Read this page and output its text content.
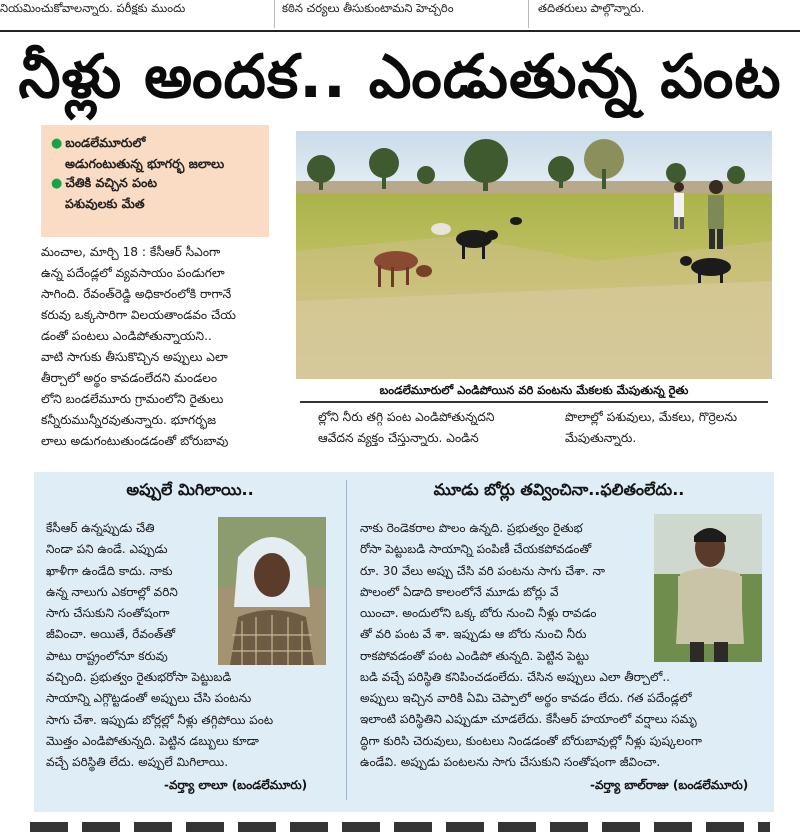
నియమించుకోవాలన్నారు. పరీక్షకు ముందు	కఠిన చర్యలు తీసుకుంటామని హెచ్చరిం	తదితరులు పాల్గొన్నారు.
నీళ్లు అందక.. ఎండుతున్న పంట
● బండలేమూరులో
అడుగంటుతున్న భూగర్భ జలాలు
● చేతికి వచ్చిన పంట
పశువులకు మేత
మంచాల, మార్చి 18 : కేసీఆర్ సీఎంగా
ఉన్న పదేండ్లలో వ్యవసాయం పండుగలా
సాగింది. రేవంత్‌రెడ్డి అధికారంలోకి రాగానే
కరువు ఒక్కసారిగా విలయతాండవం చేయ
డంతో పంటలు ఎండిపోతున్నాయని..
వాటి సాగుకు తీసుకొచ్చిన అప్పులు ఎలా
తీర్చాలో అర్థం కావడంలేదని మండలం
లోని బండలేమూరు గ్రామంలోని రైతులు
కన్నీరుమున్నీరవుతున్నారు. భూగర్భజ
లాలు అడుగంటుతుండడంతో బోరుబావు
బండలేమూరులో ఎండిపోయిన వరి పంటను మేకలకు మేపుతున్న రైతు
ల్లోని నీరు తగ్గి పంట ఎండిపోతున్నదని
ఆవేదన వ్యక్తం చేస్తున్నారు. ఎండిన
పొలాల్లో పశువులు, మేకలు, గొర్రెలను
మేపుతున్నారు.
అప్పులే మిగిలాయి..
కేసీఆర్ ఉన్నప్పుడు చేతి
నిండా పని ఉండే. ఎప్పుడు
ఖాళీగా ఉండేది కాదు. నాకు
ఉన్న నాలుగు ఎకరాల్లో వరిని
సాగు చేసుకుని సంతోషంగా
జీవించా. అయితే, రేవంత్‌తో
పాటు రాష్ట్రంలోనూ కరువు
వచ్చింది. ప్రభుత్వం రైతుభరోసా పెట్టుబడి
సాయాన్ని ఎగ్గొట్టడంతో అప్పులు చేసి పంటను
సాగు చేశా. ఇప్పుడు బోర్లల్లో నీళ్లు తగ్గిపోయి పంట
మొత్తం ఎండిపోతున్నది. పెట్టిన డబ్బులు కూడా
వచ్చే పరిస్థితి లేదు. అప్పులే మిగిలాయి.
-వర్త్యా లాలూ (బండలేమూరు)
మూడు బోర్లు తవ్వించినా..ఫలితంలేదు..
నాకు రెండెకరాల పొలం ఉన్నది. ప్రభుత్వం రైతుభ
రోసా పెట్టుబడి సాయాన్ని పంపిణీ చేయకపోవడంతో
రూ. 30 వేలు అప్పు చేసి వరి పంటను సాగు చేశా. నా
పొలంలో ఏడాది కాలంలోనే మూడు బోర్లు వే
యించా. అందులోని ఒక్క బోరు నుంచి నీళ్లు రావడం
తో వరి పంట వే శా. ఇప్పుడు ఆ బోరు నుంచి నీరు
రాకపోవడంతో పంట ఎండిపో తున్నది. పెట్టిన పెట్టు
బడి వచ్చే పరిస్థితి కనిపించడంలేదు. చేసిన అప్పులు ఎలా తీర్చాలో..
అప్పులు ఇచ్చిన వారికి ఏమి చెప్పాలో అర్థం కావడం లేదు. గత పదేండ్లలో
ఇలాంటి పరిస్థితిని ఎప్పుడూ చూడలేదు. కేసీఆర్ హయాంలో వర్షాలు సమృ
ద్ధిగా కురిసి చెరువులు, కుంటలు నిండడంతో బోరుబావుల్లో నీళ్లు పుష్కలంగా
ఉండేవి. అప్పుడు పంటలను సాగు చేసుకుని సంతోషంగా జీవించా.
-వర్త్యా బాల్‌రాజు (బండలేమూరు)
